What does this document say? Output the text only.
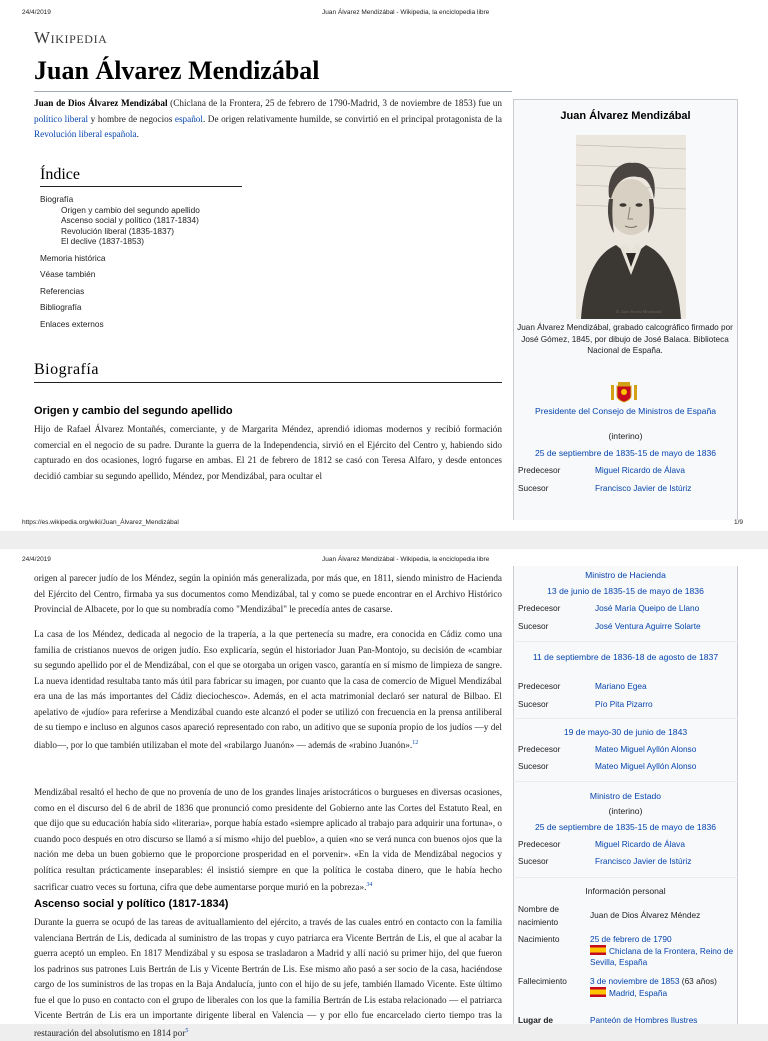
24/4/2019	Juan Álvarez Mendizábal - Wikipedia, la enciclopedia libre
Wikipedia
Juan Álvarez Mendizábal
Juan de Dios Álvarez Mendizábal (Chiclana de la Frontera, 25 de febrero de 1790-Madrid, 3 de noviembre de 1853) fue un político liberal y hombre de negocios español. De origen relativamente humilde, se convirtió en el principal protagonista de la Revolución liberal española.
Índice
Biografía
Origen y cambio del segundo apellido
Ascenso social y político (1817-1834)
Revolución liberal (1835-1837)
El declive (1837-1853)
Memoria histórica
Véase también
Referencias
Bibliografía
Enlaces externos
Biografía
Origen y cambio del segundo apellido
Hijo de Rafael Álvarez Montañés, comerciante, y de Margarita Méndez, aprendió idiomas modernos y recibió formación comercial en el negocio de su padre. Durante la guerra de la Independencia, sirvió en el Ejército del Centro y, habiendo sido capturado en dos ocasiones, logró fugarse en ambas. El 21 de febrero de 1812 se casó con Teresa Alfaro, y desde entonces decidió cambiar su segundo apellido, Méndez, por Mendizábal, para ocultar el
Juan Álvarez Mendizábal
D. Juan Alvarez Mendizabal
Juan Álvarez Mendizábal, grabado calcográfico firmado por José Gómez, 1845, por dibujo de José Balaca. Biblioteca Nacional de España.
Presidente del Consejo de Ministros de España
(interino)
25 de septiembre de 1835-15 de mayo de 1836
Predecesor	Miguel Ricardo de Álava
Sucesor	Francisco Javier de Istúriz
https://es.wikipedia.org/wiki/Juan_Álvarez_Mendizábal	1/9
24/4/2019	Juan Álvarez Mendizábal - Wikipedia, la enciclopedia libre
origen al parecer judío de los Méndez, según la opinión más generalizada, por más que, en 1811, siendo ministro de Hacienda del Ejército del Centro, firmaba ya sus documentos como Mendizábal, tal y como se puede encontrar en el Archivo Histórico Provincial de Albacete, por lo que su nombradía como "Mendizábal" le precedía antes de casarse.
La casa de los Méndez, dedicada al negocio de la trapería, a la que pertenecía su madre, era conocida en Cádiz como una familia de cristianos nuevos de origen judío. Eso explicaría, según el historiador Juan Pan-Montojo, su decisión de «cambiar su segundo apellido por el de Mendizábal, con el que se otorgaba un origen vasco, garantía en sí mismo de limpieza de sangre. La nueva identidad resultaba tanto más útil para fabricar su imagen, por cuanto que la casa de comercio de Miguel Mendizábal era una de las más importantes del Cádiz dieciochesco». Además, en el acta matrimonial declaró ser natural de Bilbao. El apelativo de «judío» para referirse a Mendizábal cuando este alcanzó el poder se utilizó con frecuencia en la prensa antiliberal de su tiempo e incluso en algunos casos apareció representado con rabo, un aditivo que se suponía propio de los judíos —y del diablo—, por lo que también utilizaban el mote del «rabilargo Juanón» — además de «rabino Juanón».$^{12}$
Mendizábal resaltó el hecho de que no provenía de uno de los grandes linajes aristocráticos o burgueses en diversas ocasiones, como en el discurso del 6 de abril de 1836 que pronunció como presidente del Gobierno ante las Cortes del Estatuto Real, en que dijo que su educación había sido «literaria», porque había estado «siempre aplicado al trabajo para adquirir una fortuna», o cuando poco después en otro discurso se llamó a sí mismo «hijo del pueblo», a quien «no se verá nunca con buenos ojos que la nación me deba un buen gobierno que le proporcione prosperidad en el porvenir». «En la vida de Mendizábal negocios y política resultan prácticamente inseparables: él insistió siempre en que la política le costaba dinero, que le había hecho sacrificar cuatro veces su fortuna, cifra que debe aumentarse porque murió en la pobreza».$^{34}$
Ascenso social y político (1817-1834)
Durante la guerra se ocupó de las tareas de avituallamiento del ejército, a través de las cuales entró en contacto con la familia valenciana Bertrán de Lis, dedicada al suministro de las tropas y cuyo patriarca era Vicente Bertrán de Lis, el que al acabar la guerra aceptó un empleo. En 1817 Mendizábal y su esposa se trasladaron a Madrid y allí nació su primer hijo, del que fueron los padrinos sus patrones Luis Bertrán de Lis y Vicente Bertrán de Lis. Ese mismo año pasó a ser socio de la casa, haciéndose cargo de los suministros de las tropas en la Baja Andalucía, junto con el hijo de su jefe, también llamado Vicente. Este último fue el que lo puso en contacto con el grupo de liberales con los que la familia Bertrán de Lis estaba relacionado — el patriarca Vicente Bertrán de Lis era un importante dirigente liberal en Valencia — y por ello fue encarcelado cierto tiempo tras la restauración del absolutismo en 1814 por$^5$
Ministro de Hacienda
13 de junio de 1835-15 de mayo de 1836
Predecesor	José María Queipo de Llano
Sucesor	José Ventura Aguirre Solarte
11 de septiembre de 1836-18 de agosto de 1837
Predecesor	Mariano Egea
Sucesor	Pío Pita Pizarro
19 de mayo-30 de junio de 1843
Predecesor	Mateo Miguel Ayllón Alonso
Sucesor	Mateo Miguel Ayllón Alonso
Ministro de Estado
(interino)
25 de septiembre de 1835-15 de mayo de 1836
Predecesor	Miguel Ricardo de Álava
Sucesor	Francisco Javier de Istúriz
Información personal
Nombre de nacimiento
Juan de Dios Álvarez Méndez
Nacimiento	25 de febrero de 1790
Chiclana de la Frontera, Reino de Sevilla, España
Fallecimiento	3 de noviembre de 1853 (63 años)
Madrid, España
Lugar de	Panteón de Hombres Ilustres
